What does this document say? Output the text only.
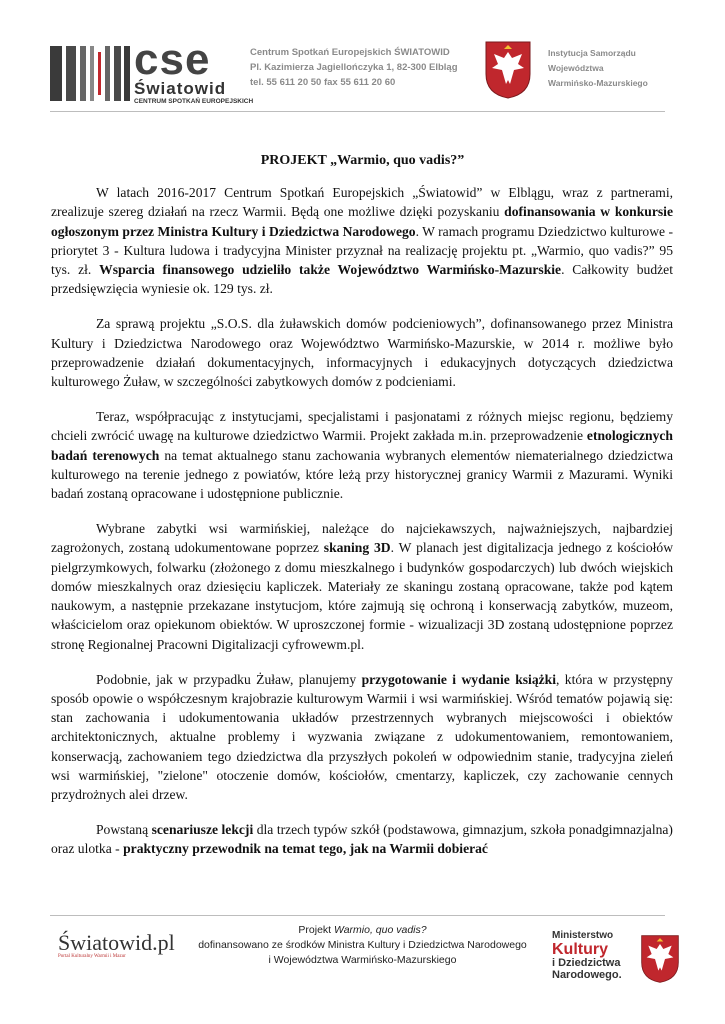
cse
Światowid
CENTRUM SPOTKAŃ EUROPEJSKICH
Centrum Spotkań Europejskich ŚWIATOWID
Pl. Kazimierza Jagiellończyka 1, 82-300 Elbląg
tel. 55 611 20 50 fax 55 611 20 60
Instytucja Samorządu
Województwa
Warmińsko-Mazurskiego
PROJEKT „Warmio, quo vadis?”

W latach 2016-2017 Centrum Spotkań Europejskich „Światowid” w Elblągu, wraz z partnerami, zrealizuje szereg działań na rzecz Warmii. Będą one możliwe dzięki pozyskaniu dofinansowania w konkursie ogłoszonym przez Ministra Kultury i Dziedzictwa Narodowego. W ramach programu Dziedzictwo kulturowe - priorytet 3 - Kultura ludowa i tradycyjna Minister przyznał na realizację projektu pt. „Warmio, quo vadis?” 95 tys. zł. Wsparcia finansowego udzieliło także Województwo Warmińsko-Mazurskie. Całkowity budżet przedsięwzięcia wyniesie ok. 129 tys. zł.

Za sprawą projektu „S.O.S. dla żuławskich domów podcieniowych”, dofinansowanego przez Ministra Kultury i Dziedzictwa Narodowego oraz Województwo Warmińsko-Mazurskie, w 2014 r. możliwe było przeprowadzenie działań dokumentacyjnych, informacyjnych i edukacyjnych dotyczących dziedzictwa kulturowego Żuław, w szczególności zabytkowych domów z podcieniami.

Teraz, współpracując z instytucjami, specjalistami i pasjonatami z różnych miejsc regionu, będziemy chcieli zwrócić uwagę na kulturowe dziedzictwo Warmii. Projekt zakłada m.in. przeprowadzenie etnologicznych badań terenowych na temat aktualnego stanu zachowania wybranych elementów niematerialnego dziedzictwa kulturowego na terenie jednego z powiatów, które leżą przy historycznej granicy Warmii z Mazurami. Wyniki badań zostaną opracowane i udostępnione publicznie.

Wybrane zabytki wsi warmińskiej, należące do najciekawszych, najważniejszych, najbardziej zagrożonych, zostaną udokumentowane poprzez skaning 3D. W planach jest digitalizacja jednego z kościołów pielgrzymkowych, folwarku (złożonego z domu mieszkalnego i budynków gospodarczych) lub dwóch wiejskich domów mieszkalnych oraz dziesięciu kapliczek. Materiały ze skaningu zostaną opracowane, także pod kątem naukowym, a następnie przekazane instytucjom, które zajmują się ochroną i konserwacją zabytków, muzeom, właścicielom oraz opiekunom obiektów. W uproszczonej formie - wizualizacji 3D zostaną udostępnione poprzez stronę Regionalnej Pracowni Digitalizacji cyfrowewm.pl.

Podobnie, jak w przypadku Żuław, planujemy przygotowanie i wydanie książki, która w przystępny sposób opowie o współczesnym krajobrazie kulturowym Warmii i wsi warmińskiej. Wśród tematów pojawią się: stan zachowania i udokumentowania układów przestrzennych wybranych miejscowości i obiektów architektonicznych, aktualne problemy i wyzwania związane z udokumentowaniem, remontowaniem, konserwacją, zachowaniem tego dziedzictwa dla przyszłych pokoleń w odpowiednim stanie, tradycyjna zieleń wsi warmińskiej, "zielone" otoczenie domów, kościołów, cmentarzy, kapliczek, czy zachowanie cennych przydrożnych alei drzew.

Powstaną scenariusze lekcji dla trzech typów szkół (podstawowa, gimnazjum, szkoła ponadgimnazjalna) oraz ulotka - praktyczny przewodnik na temat tego, jak na Warmii dobierać

Światowid.pl
Portal Kulturalny Warmii i Mazur
Projekt Warmio, quo vadis?
dofinansowano ze środków Ministra Kultury i Dziedzictwa Narodowego
i Województwa Warmińsko-Mazurskiego
Ministerstwo
Kultury
i Dziedzictwa
Narodowego.
